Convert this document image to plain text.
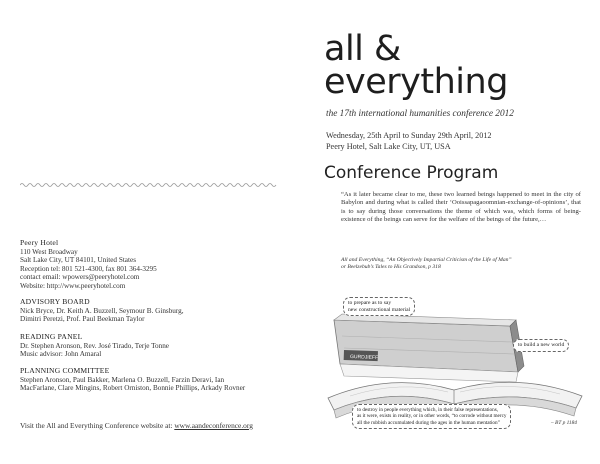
Peery Hotel
110 West Broadway
Salt Lake City, UT 84101, United States
Reception tel: 801 521-4300, fax 801 364-3295
contact email: wpowers@peeryhotel.com
Website: http://www.peeryhotel.com
ADVISORY BOARD
Nick Bryce, Dr. Keith A. Buzzell, Seymour B. Ginsburg,
Dimitri Peretzi, Prof. Paul Beekman Taylor
READING PANEL
Dr. Stephen Aronson, Rev. José Tirado, Terje Tonne
Music advisor: John Amaral
PLANNING COMMITTEE
Stephen Aronson, Paul Bakker, Marlena O. Buzzell, Farzin Deravi, Ian
MacFarlane, Clare Mingins, Robert Orniston, Bonnie Phillips, Arkady Rovner
Visit the All and Everything Conference website at: www.aandeconference.org
all &
everything
the 17th international humanities conference 2012
Wednesday, 25th April to Sunday 29th April, 2012
Peery Hotel, Salt Lake City, UT, USA
Conference Program
“As it later became clear to me, these two learned beings happened to meet in the city of Babylon and during what is called their ‘Ooissapagaoomnian-exchange-of-opinions’, that is to say during those conversations the theme of which was, which forms of being-existence of the beings can serve for the welfare of the beings of the future,…
All and Everything, “An Objectively Impartial Criticism of the Life of Man”
or Beelzebub’s Tales to His Grandson, p 318
GURDJIEFF
to prepare as to say
new constructional material
to build a new world
to destroy in people everything which, in their false representations,
as it were, exists in reality, or in other words, “to corrode without mercy
all the rubbish accumulated during the ages in the human mentation”	– BT p 1184
